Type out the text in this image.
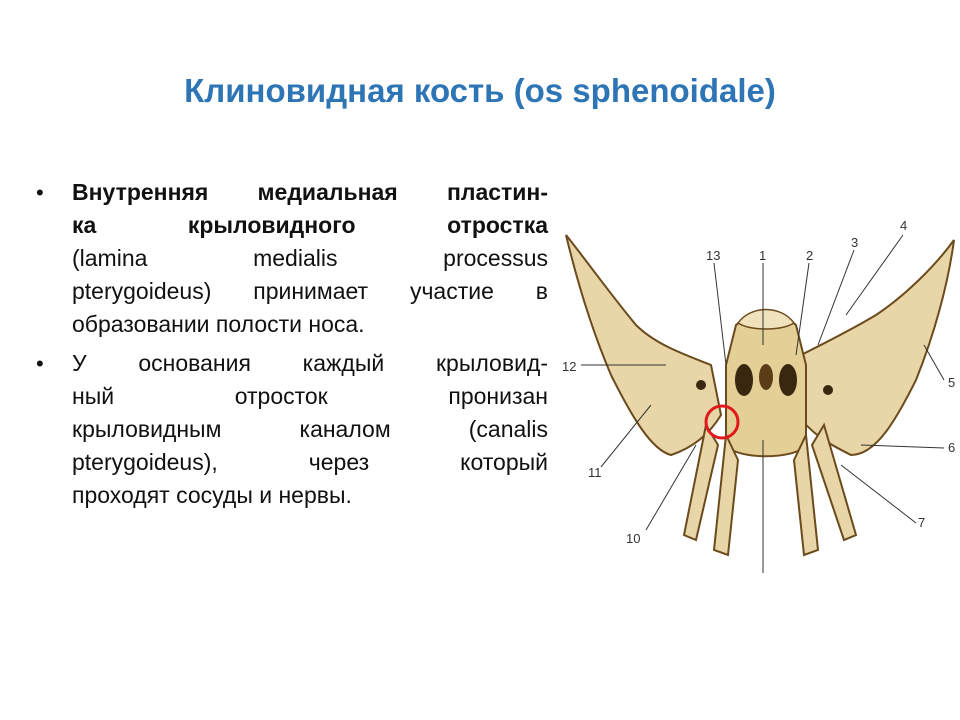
Клиновидная кость (os sphenoidale)
• Внутренняя медиальная пластин-
ка крыловидного отростка
(lamina medialis processus
pterygoideus) принимает участие в
образовании полости носа.
• У основания каждый крыловид-
ный отросток пронизан
крыловидным каналом (canalis
pterygoideus), через который
проходят сосуды и нервы.
13	1	2
3
4
5
6
7
10
11
12
